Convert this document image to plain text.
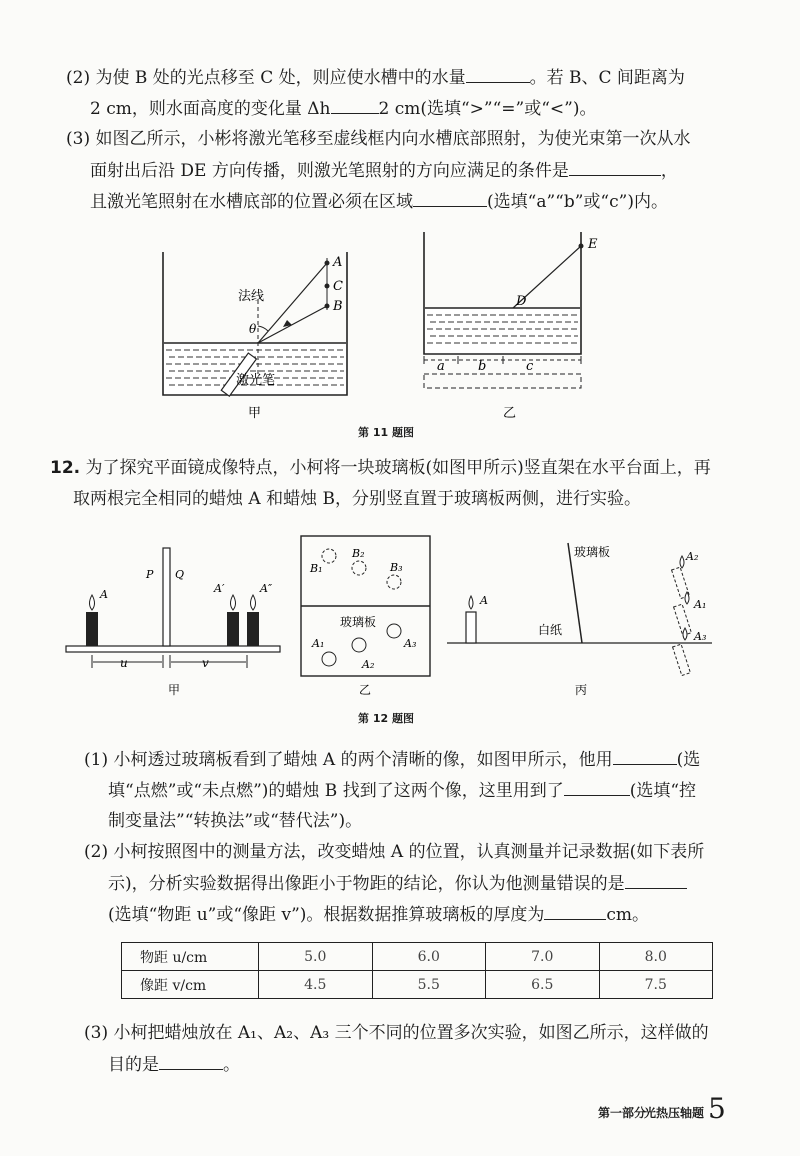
(2) 为使 B 处的光点移至 C 处，则应使水槽中的水量	。若 B、C 间距离为
2 cm，则水面高度的变化量 Δh	2 cm(选填“>”“=”或“<”)。
(3) 如图乙所示，小彬将激光笔移至虚线框内向水槽底部照射，为使光束第一次从水
面射出后沿 DE 方向传播，则激光笔照射的方向应满足的条件是	，
且激光笔照射在水槽底部的位置必须在区域	(选填“a”“b”或“c”)内。
A
C
B
θ
法线
激光笔
甲
D
E
a	b	c
乙
第 11 题图
12. 为了探究平面镜成像特点，小柯将一块玻璃板(如图甲所示)竖直架在水平台面上，再
取两根完全相同的蜡烛 A 和蜡烛 B，分别竖直置于玻璃板两侧，进行实验。
A
P Q
A′	A″
u	v
甲
B₁
B₂
B₃
玻璃板
A₁
A₂
A₃
乙
A
玻璃板
白纸
A₂
A₁
A₃
丙
第 12 题图
(1) 小柯透过玻璃板看到了蜡烛 A 的两个清晰的像，如图甲所示，他用	(选
填“点燃”或“未点燃”)的蜡烛 B 找到了这两个像，这里用到了	(选填“控
制变量法”“转换法”或“替代法”)。
(2) 小柯按照图中的测量方法，改变蜡烛 A 的位置，认真测量并记录数据(如下表所
示)，分析实验数据得出像距小于物距的结论，你认为他测量错误的是
(选填“物距 u”或“像距 v”)。根据数据推算玻璃板的厚度为	cm。
物距 u/cm	5.0	6.0	7.0	8.0
像距 v/cm	4.5	5.5	6.5	7.5
(3) 小柯把蜡烛放在 A₁、A₂、A₃ 三个不同的位置多次实验，如图乙所示，这样做的
目的是	。
第一部分
光热压轴题 5
